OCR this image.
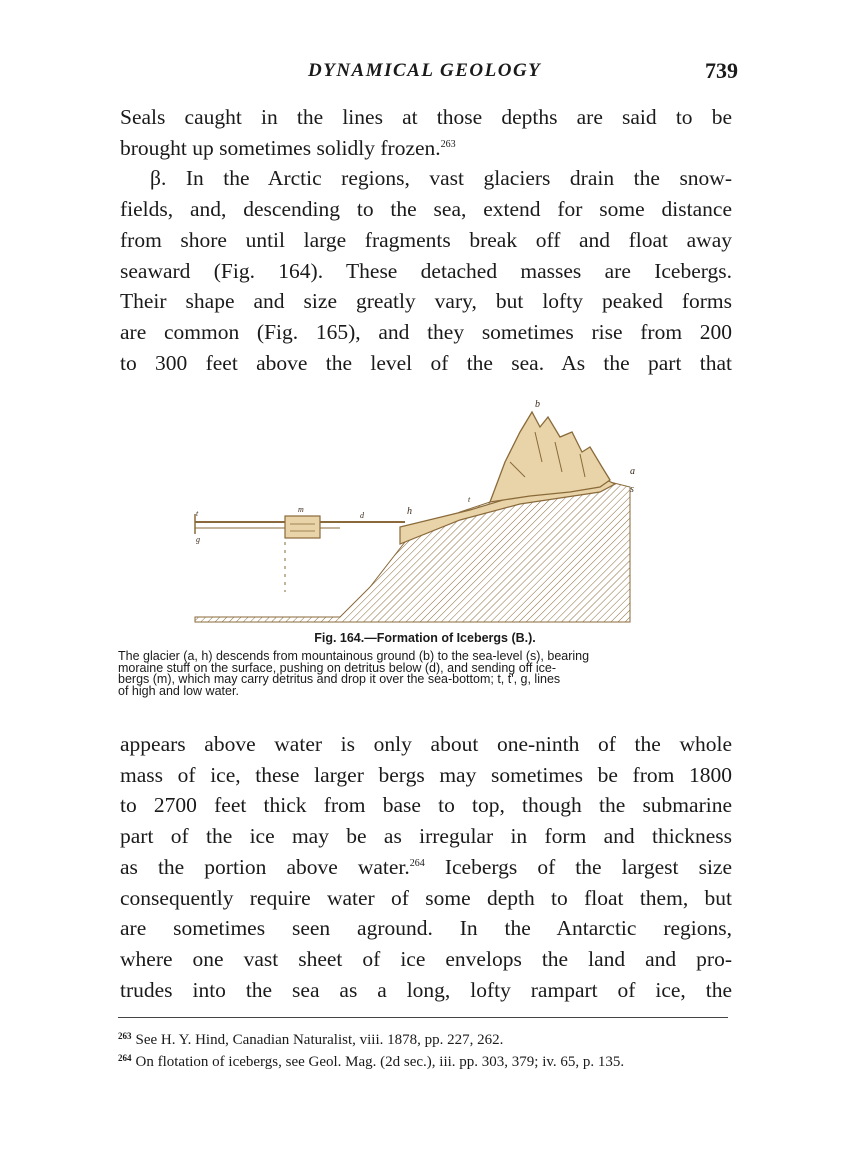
DYNAMICAL GEOLOGY	739

Seals caught in the lines at those depths are said to be
brought up sometimes solidly frozen.$^{263}$

β. In the Arctic regions, vast glaciers drain the snow-
fields, and, descending to the sea, extend for some distance
from shore until large fragments break off and float away
seaward (Fig. 164). These detached masses are Icebergs.
Their shape and size greatly vary, but lofty peaked forms
are common (Fig. 165), and they sometimes rise from 200
to 300 feet above the level of the sea. As the part that

b
a
s
m
d	h
t
t
g
Fig. 164.—Formation of Icebergs (B.).
The glacier (a, h) descends from mountainous ground (b) to the sea-level (s), bearing
moraine stuff on the surface, pushing on detritus below (d), and sending off ice-
bergs (m), which may carry detritus and drop it over the sea-bottom; t, t', g, lines
of high and low water.

appears above water is only about one-ninth of the whole
mass of ice, these larger bergs may sometimes be from 1800
to 2700 feet thick from base to top, though the submarine
part of the ice may be as irregular in form and thickness
as the portion above water.$^{264}$ Icebergs of the largest size
consequently require water of some depth to float them, but
are sometimes seen aground. In the Antarctic regions,
where one vast sheet of ice envelops the land and pro-
trudes into the sea as a long, lofty rampart of ice, the

$^{263}$ See H. Y. Hind, Canadian Naturalist, viii. 1878, pp. 227, 262.

$^{264}$ On flotation of icebergs, see Geol. Mag. (2d sec.), iii. pp. 303, 379; iv. 65, p. 135.
